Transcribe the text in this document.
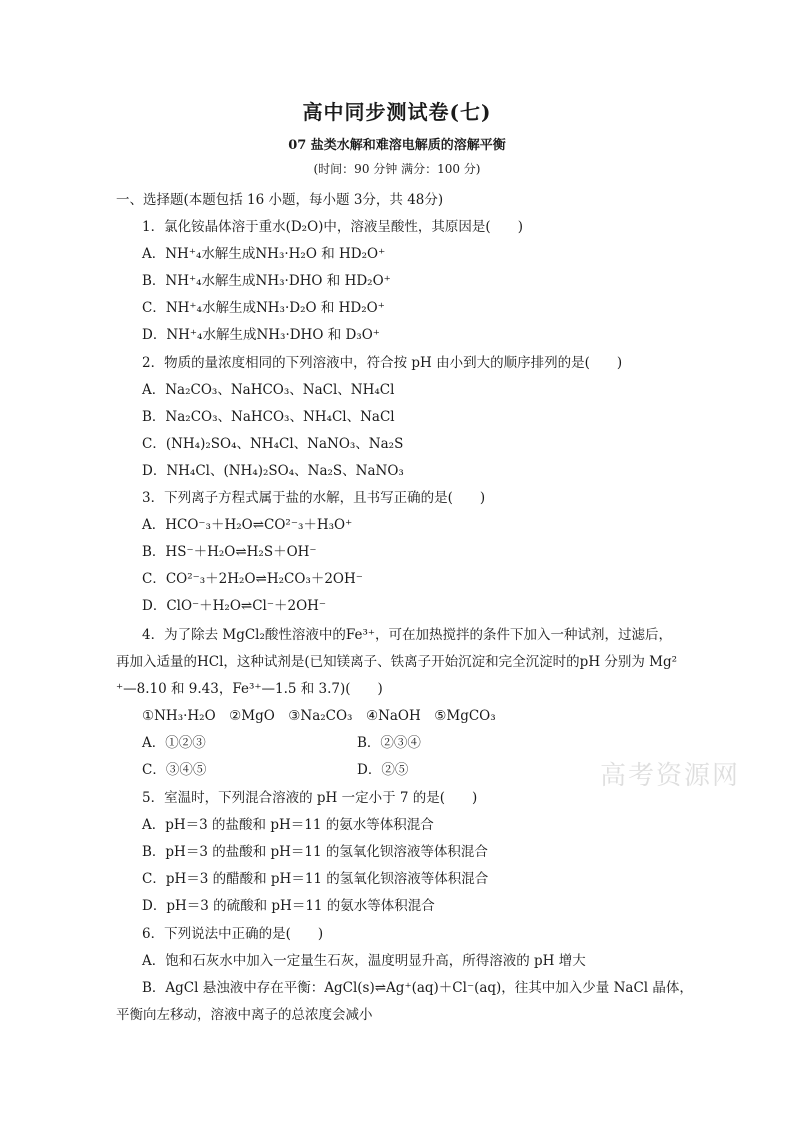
高中同步测试卷(七)
07 盐类水解和难溶电解质的溶解平衡
(时间：90 分钟 满分：100 分)
一、选择题(本题包括 16 小题，每小题 3分，共 48分)
1．氯化铵晶体溶于重水(D₂O)中，溶液呈酸性，其原因是(　　)
A．NH⁺₄水解生成NH₃·H₂O 和 HD₂O⁺
B．NH⁺₄水解生成NH₃·DHO 和 HD₂O⁺
C．NH⁺₄水解生成NH₃·D₂O 和 HD₂O⁺
D．NH⁺₄水解生成NH₃·DHO 和 D₃O⁺
2．物质的量浓度相同的下列溶液中，符合按 pH 由小到大的顺序排列的是(　　)
A．Na₂CO₃、NaHCO₃、NaCl、NH₄Cl
B．Na₂CO₃、NaHCO₃、NH₄Cl、NaCl
C．(NH₄)₂SO₄、NH₄Cl、NaNO₃、Na₂S
D．NH₄Cl、(NH₄)₂SO₄、Na₂S、NaNO₃
3．下列离子方程式属于盐的水解，且书写正确的是(　　)
A．HCO⁻₃＋H₂O⇌CO²⁻₃＋H₃O⁺
B．HS⁻＋H₂O⇌H₂S＋OH⁻
C．CO²⁻₃＋2H₂O⇌H₂CO₃＋2OH⁻
D．ClO⁻＋H₂O⇌Cl⁻＋2OH⁻
4．为了除去 MgCl₂酸性溶液中的Fe³⁺，可在加热搅拌的条件下加入一种试剂，过滤后，
再加入适量的HCl，这种试剂是(已知镁离子、铁离子开始沉淀和完全沉淀时的pH 分别为 Mg²
⁺—8.10 和 9.43，Fe³⁺—1.5 和 3.7)(　　)
①NH₃·H₂O　②MgO　③Na₂CO₃　④NaOH　⑤MgCO₃
A．①②③	B．②③④
C．③④⑤	D．②⑤
5．室温时，下列混合溶液的 pH 一定小于 7 的是(　　)
A．pH＝3 的盐酸和 pH＝11 的氨水等体积混合
B．pH＝3 的盐酸和 pH＝11 的氢氧化钡溶液等体积混合
C．pH＝3 的醋酸和 pH＝11 的氢氧化钡溶液等体积混合
D．pH＝3 的硫酸和 pH＝11 的氨水等体积混合
6．下列说法中正确的是(　　)
A．饱和石灰水中加入一定量生石灰，温度明显升高，所得溶液的 pH 增大
B．AgCl 悬浊液中存在平衡：AgCl(s)⇌Ag⁺(aq)＋Cl⁻(aq)，往其中加入少量 NaCl 晶体，
平衡向左移动，溶液中离子的总浓度会减小
高考资源网
